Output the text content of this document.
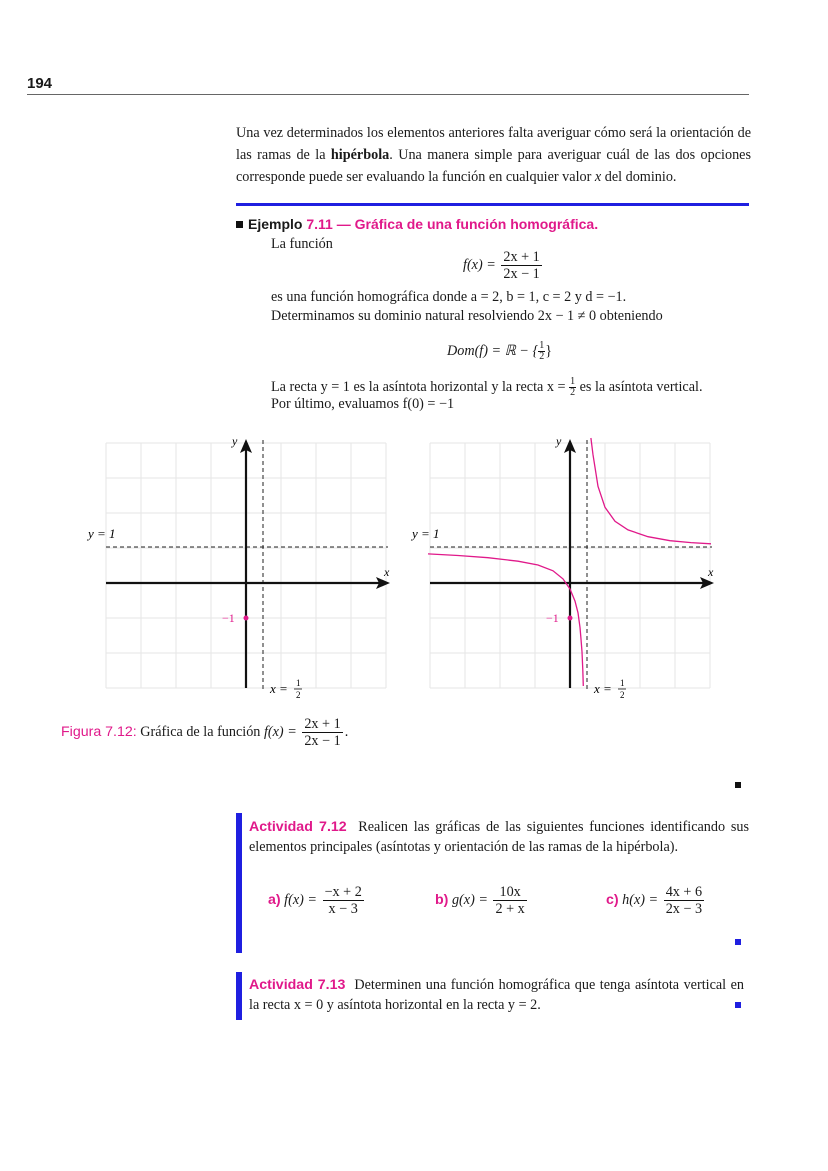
194
Una vez determinados los elementos anteriores falta averiguar cómo será la orientación de las ramas de la hipérbola. Una manera simple para averiguar cuál de las dos opciones corresponde puede ser evaluando la función en cualquier valor x del dominio.
Ejemplo 7.11 — Gráfica de una función homográfica.
La función
$f(x) = \frac{2x + 1}{2x - 1}$
es una función homográfica donde a = 2, b = 1, c = 2 y d = −1.
Determinamos su dominio natural resolviendo 2x − 1 ≠ 0 obteniendo
Dom(f) = ℝ − { $\frac{1}{2}$}
La recta y = 1 es la asíntota horizontal y la recta $x = \frac{1}{2}$ es la asíntota vertical.
Por último, evaluamos f(0) = −1
y
x
y = 1
−1
x = 1
2
y
x
y = 1
−1
x = 1
2
Figura 7.12: Gráfica de la función $f(x) = \frac{2x + 1}{2x - 1}$ .
Actividad 7.12 Realicen las gráficas de las siguientes funciones identificando sus elementos principales (asíntotas y orientación de las ramas de la hipérbola).
a) $f(x) = \frac{-x + 2}{x - 3}$	b) $g(x) = \frac{10x}{2 + x}$	c) $h(x) = \frac{4x + 6}{2x - 3}$
Actividad 7.13 Determinen una función homográfica que tenga asíntota vertical en la recta x = 0 y asíntota horizontal en la recta y = 2.
